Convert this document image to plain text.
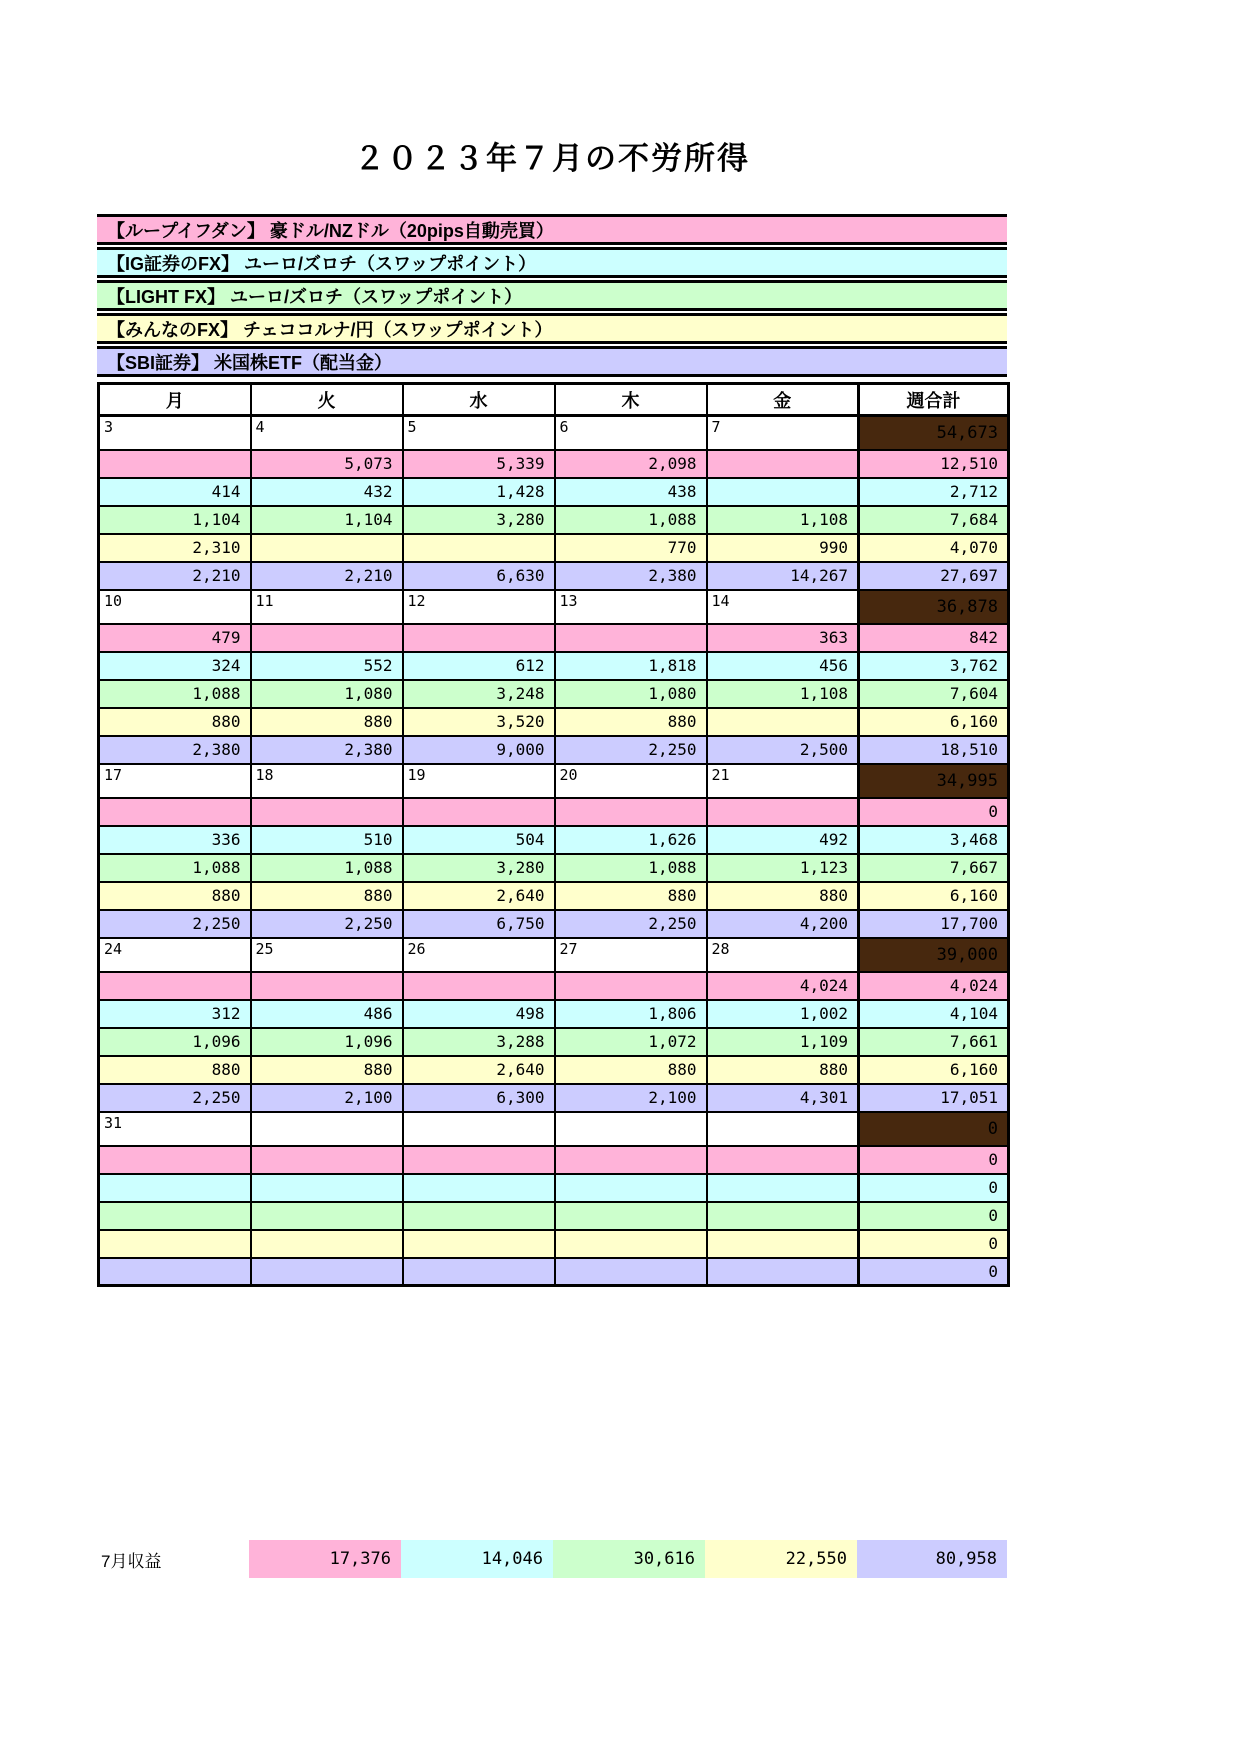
２０２３年７月の不労所得
【ループイフダン】 豪ドル/NZドル（20pips自動売買）
【IG証券のFX】 ユーロ/ズロチ（スワップポイント）
【LIGHT FX】 ユーロ/ズロチ（スワップポイント）
【みんなのFX】 チェココルナ/円（スワップポイント）
【SBI証券】 米国株ETF（配当金）
月	火	水	木	金	週合計
3	4	5	6	7	54,673
	5,073	5,339	2,098		12,510
414	432	1,428	438		2,712
1,104	1,104	3,280	1,088	1,108	7,684
2,310			770	990	4,070
2,210	2,210	6,630	2,380	14,267	27,697
10	11	12	13	14	36,878
479				363	842
324	552	612	1,818	456	3,762
1,088	1,080	3,248	1,080	1,108	7,604
880	880	3,520	880		6,160
2,380	2,380	9,000	2,250	2,500	18,510
17	18	19	20	21	34,995
					0
336	510	504	1,626	492	3,468
1,088	1,088	3,280	1,088	1,123	7,667
880	880	2,640	880	880	6,160
2,250	2,250	6,750	2,250	4,200	17,700
24	25	26	27	28	39,000
				4,024	4,024
312	486	498	1,806	1,002	4,104
1,096	1,096	3,288	1,072	1,109	7,661
880	880	2,640	880	880	6,160
2,250	2,100	6,300	2,100	4,301	17,051
31					0
					0
					0
					0
					0
					0
7月収益	17,376	14,046	30,616	22,550	80,958
